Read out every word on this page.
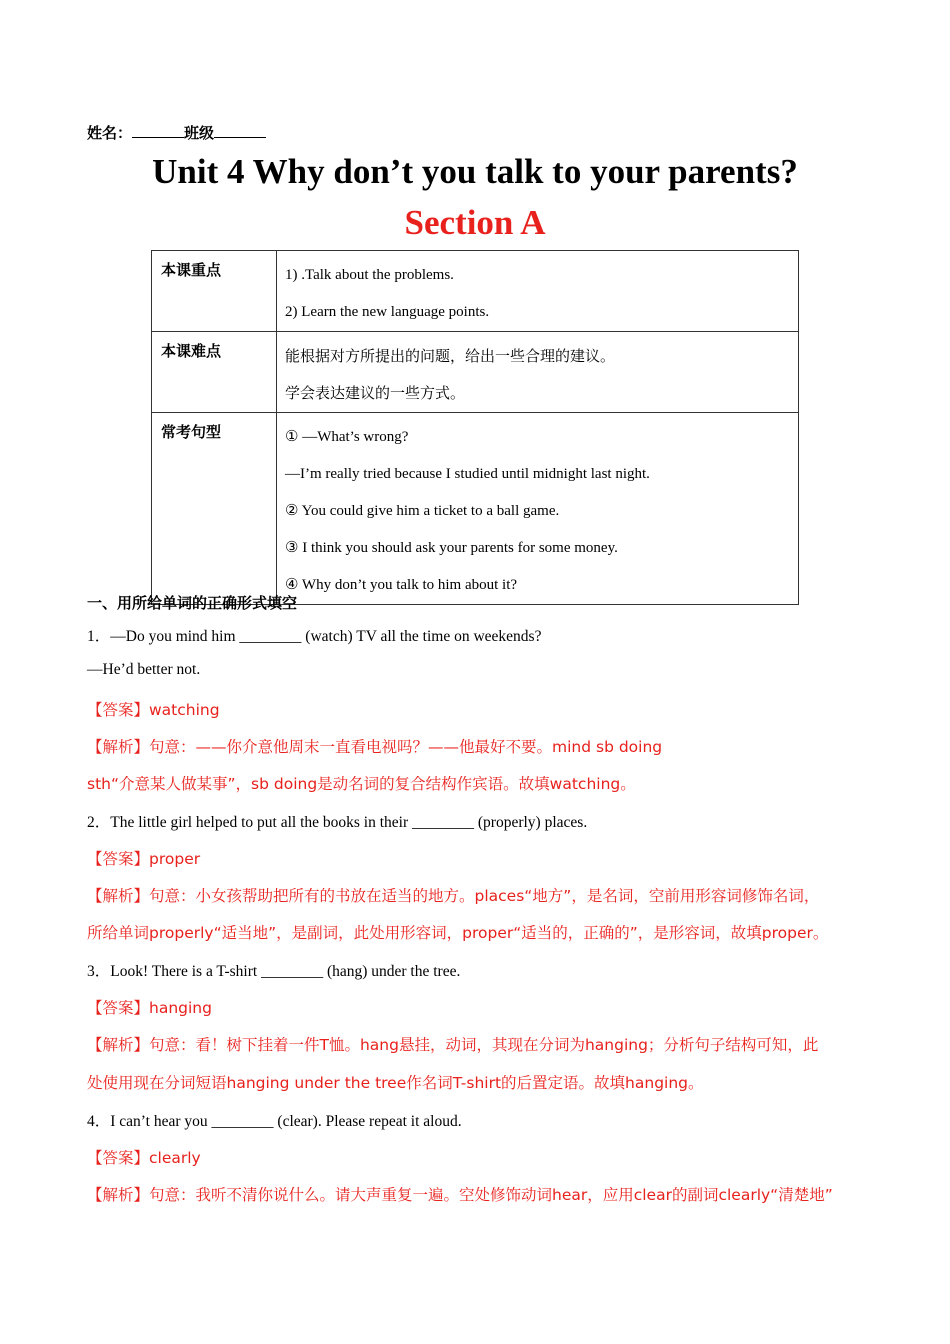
姓名：	班级

Unit 4 Why don’t you talk to your parents?
Section A
本课重点	1) .Talk about the problems.

2) Learn the new language points.

本课难点	能根据对方所提出的问题，给出一些合理的建议。

学会表达建议的一些方式。

常考句型	① —What’s wrong?

—I’m really tried because I studied until midnight last night.

② You could give him a ticket to a ball game.

③ I think you should ask your parents for some money.

④ Why don’t you talk to him about it?

一、用所给单词的正确形式填空

1．—Do you mind him ________ (watch) TV all the time on weekends?

—He’d better not.

【答案】watching

【解析】句意：——你介意他周末一直看电视吗？——他最好不要。mind sb doing

sth“介意某人做某事”，sb doing是动名词的复合结构作宾语。故填watching。

2．The little girl helped to put all the books in their ________ (properly) places.

【答案】proper

【解析】句意：小女孩帮助把所有的书放在适当的地方。places“地方”，是名词，空前用形容词修饰名词，

所给单词properly“适当地”，是副词，此处用形容词，proper“适当的，正确的”，是形容词，故填proper。

3．Look! There is a T-shirt ________ (hang) under the tree.

【答案】hanging

【解析】句意：看！树下挂着一件T恤。hang悬挂，动词，其现在分词为hanging；分析句子结构可知，此

处使用现在分词短语hanging under the tree作名词T-shirt的后置定语。故填hanging。

4．I can’t hear you ________ (clear). Please repeat it aloud.

【答案】clearly

【解析】句意：我听不清你说什么。请大声重复一遍。空处修饰动词hear，应用clear的副词clearly“清楚地”
